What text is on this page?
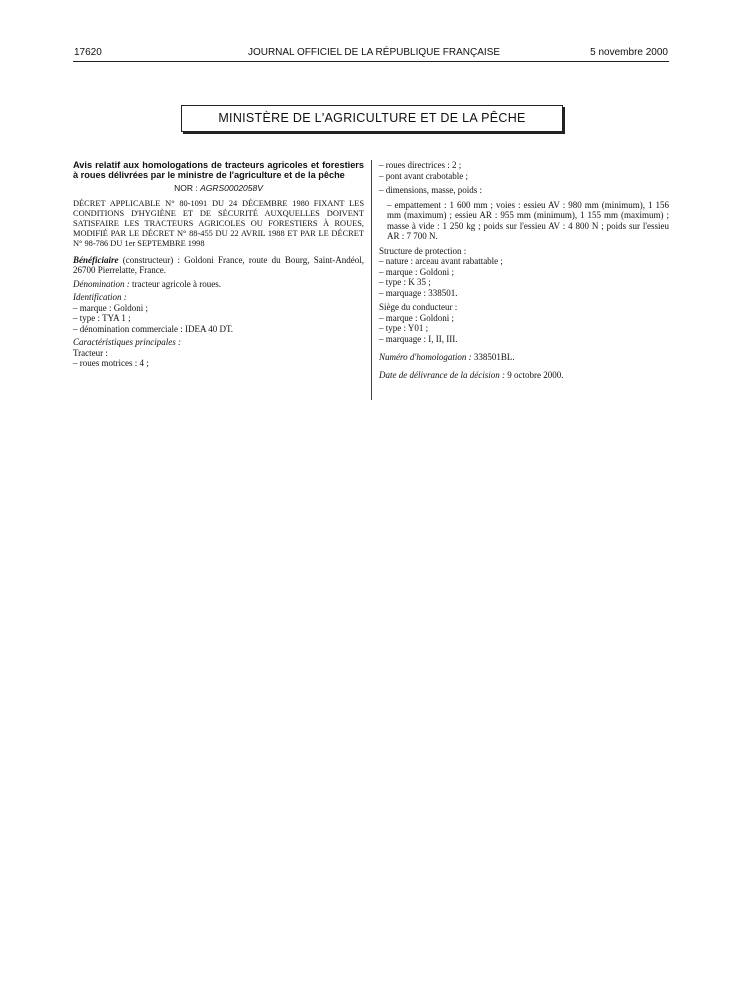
JOURNAL OFFICIEL DE LA RÉPUBLIQUE FRANÇAISE
17620	5 novembre 2000
MINISTÈRE DE L'AGRICULTURE ET DE LA PÊCHE

Avis relatif aux homologations de tracteurs agricoles et forestiers à roues délivrées par le ministre de l'agriculture et de la pêche

NOR : AGRS0002058V

DÉCRET APPLICABLE N° 80-1091 DU 24 DÉCEMBRE 1980 FIXANT LES CONDITIONS D'HYGIÈNE ET DE SÉCURITÉ AUXQUELLES DOIVENT SATISFAIRE LES TRACTEURS AGRICOLES OU FORESTIERS À ROUES, MODIFIÉ PAR LE DÉCRET N° 88-455 DU 22 AVRIL 1988 ET PAR LE DÉCRET N° 98-786 DU 1er SEPTEMBRE 1998

Bénéficiaire (constructeur) : Goldoni France, route du Bourg, Saint-Andéol, 26700 Pierrelatte, France.

Dénomination : tracteur agricole à roues.

Identification :
– marque : Goldoni ;
– type : TYA 1 ;
– dénomination commerciale : IDEA 40 DT.
Caractéristiques principales :
Tracteur :
– roues motrices : 4 ;
– roues directrices : 2 ;
– pont avant crabotable ;
– dimensions, masse, poids :
– empattement : 1 600 mm ; voies : essieu AV : 980 mm (minimum), 1 156 mm (maximum) ; essieu AR : 955 mm (minimum), 1 155 mm (maximum) ; masse à vide : 1 250 kg ; poids sur l'essieu AV : 4 800 N ; poids sur l'essieu AR : 7 700 N.
Structure de protection :
– nature : arceau avant rabattable ;
– marque : Goldoni ;
– type : K 35 ;
– marquage : 338501.
Siège du conducteur :
– marque : Goldoni ;
– type : Y01 ;
– marquage : I, II, III.

Numéro d'homologation : 338501BL.

Date de délivrance de la décision : 9 octobre 2000.
